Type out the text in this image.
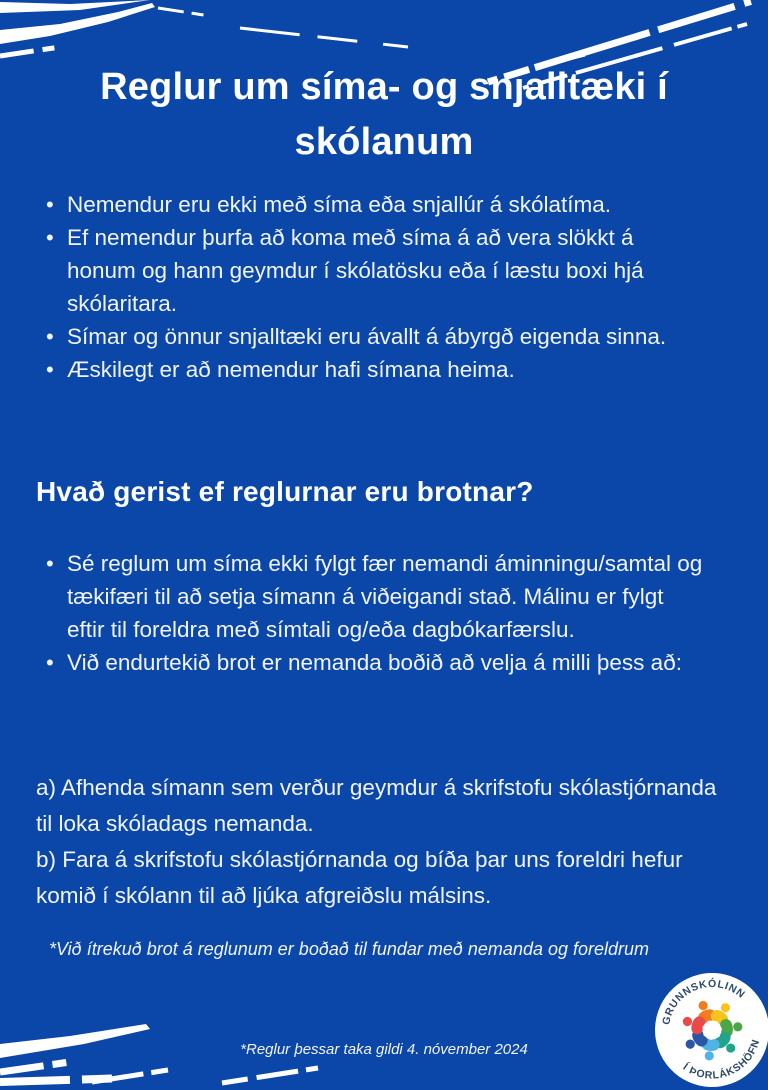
Reglur um síma- og snjalltæki í skólanum
• Nemendur eru ekki með síma eða snjallúr á skólatíma.
• Ef nemendur þurfa að koma með síma á að vera slökkt á honum og hann geymdur í skólatösku eða í læstu boxi hjá skólaritara.
• Símar og önnur snjalltæki eru ávallt á ábyrgð eigenda sinna.
• Æskilegt er að nemendur hafi símana heima.
Hvað gerist ef reglurnar eru brotnar?
• Sé reglum um síma ekki fylgt fær nemandi áminningu/samtal og tækifæri til að setja símann á viðeigandi stað. Málinu er fylgt eftir til foreldra með símtali og/eða dagbókarfærslu.
• Við endurtekið brot er nemanda boðið að velja á milli þess að:

a) Afhenda símann sem verður geymdur á skrifstofu skólastjórnanda til loka skóladags nemanda.

b) Fara á skrifstofu skólastjórnanda og bíða þar uns foreldri hefur komið í skólann til að ljúka afgreiðslu málsins.

*Við ítrekuð brot á reglunum er boðað til fundar með nemanda og foreldrum

*Reglur þessar taka gildi 4. nóvember 2024

GRUNNSKÓLINN
Í ÞORLÁKSHÖFN
